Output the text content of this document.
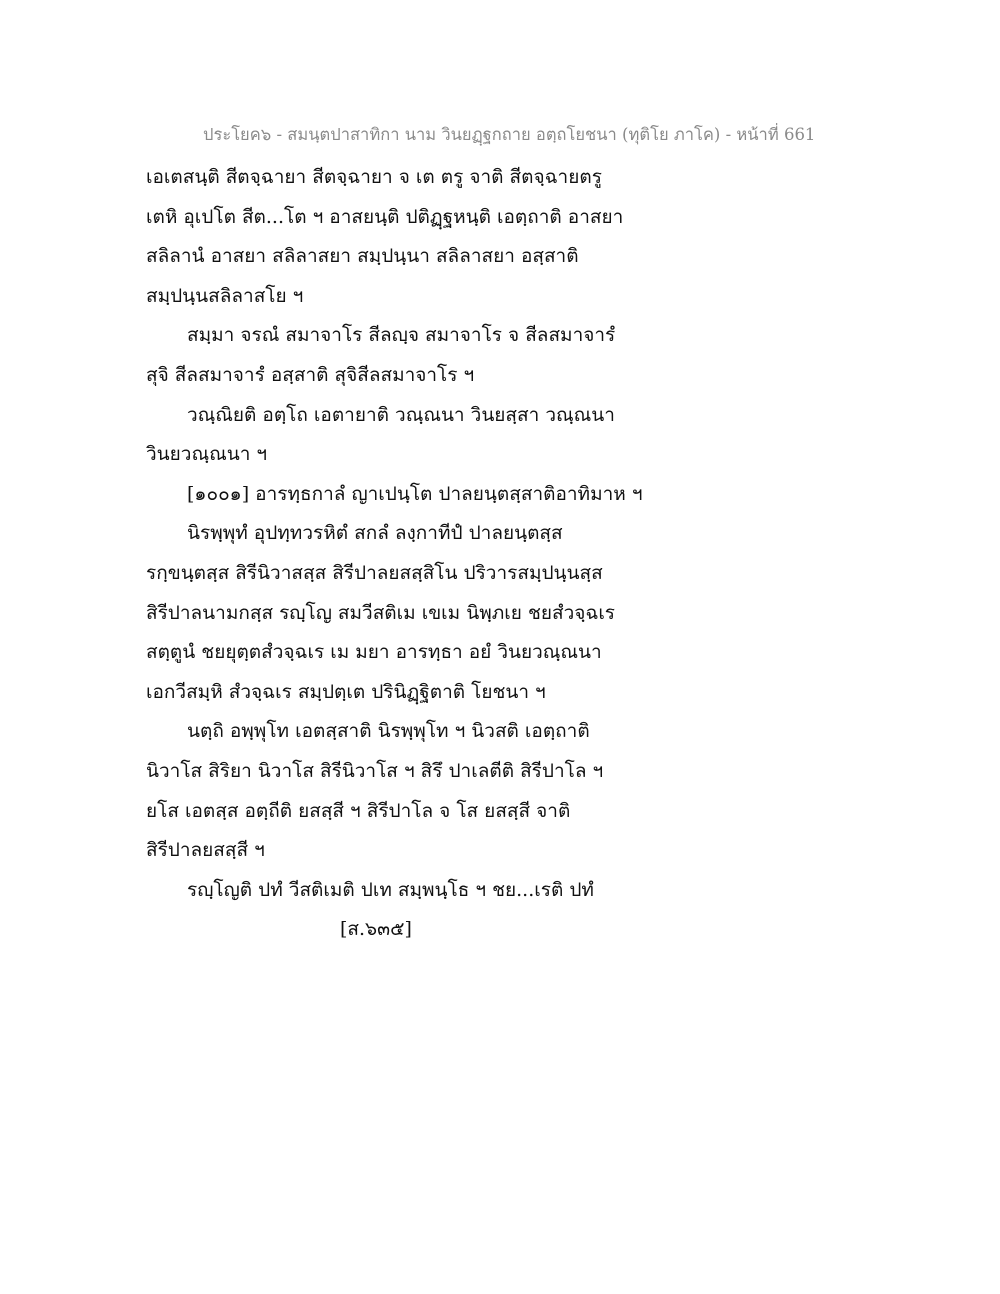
ประโยค๖ - สมนฺตปาสาทิกา นาม วินยฏฺฐกถาย อตฺถโยชนา (ทุติโย ภาโค) - หน้าที่ 661
เอเตสนฺติ สีตจฺฉายา สีตจฺฉายา จ เต ตรู จาติ สีตจฺฉายตรู
เตหิ อุเปโต สีต...โต ฯ อาสยนฺติ ปติฏฺฐหนฺติ เอตฺถาติ อาสยา
สลิลานํ อาสยา สลิลาสยา สมฺปนฺนา สลิลาสยา อสฺสาติ
สมฺปนฺนสลิลาสโย ฯ
สมฺมา จรณํ สมาจาโร สีลญฺจ สมาจาโร จ สีลสมาจารํ
สุจิ สีลสมาจารํ อสฺสาติ สุจิสีลสมาจาโร ฯ
วณฺณิยติ อตฺโถ เอตายาติ วณฺณนา วินยสฺสา วณฺณนา
วินยวณฺณนา ฯ
[๑๐๐๑] อารทฺธกาลํ ญาเปนฺโต ปาลยนฺตสฺสาติอาทิมาห ฯ
นิรพฺพุทํ อุปทฺทวรหิตํ สกลํ ลงฺกาทีปํ ปาลยนฺตสฺส
รกฺขนฺตสฺส สิรีนิวาสสฺส สิรีปาลยสสฺสิโน ปริวารสมฺปนฺนสฺส
สิรีปาลนามกสฺส รญฺโญ สมวีสติเม เขเม นิพฺภเย ชยสํวจฺฉเร
สตฺตูนํ ชยยุตฺตสํวจฺฉเร เม มยา อารทฺธา อยํ วินยวณฺณนา
เอกวีสมฺหิ สํวจฺฉเร สมฺปตฺเต ปรินิฏฺฐิตาติ โยชนา ฯ
นตฺถิ อพฺพุโท เอตสฺสาติ นิรพฺพุโท ฯ นิวสติ เอตฺถาติ
นิวาโส สิริยา นิวาโส สิรีนิวาโส ฯ สิรึ ปาเลตีติ สิรีปาโล ฯ
ยโส เอตสฺส อตฺถีติ ยสสฺสี ฯ สิรีปาโล จ โส ยสสฺสี จาติ
สิรีปาลยสสฺสี ฯ
รญฺโญติ ปทํ วีสติเมติ ปเท สมฺพนฺโธ ฯ ชย...เรติ ปทํ
[ส.๖๓๕]
